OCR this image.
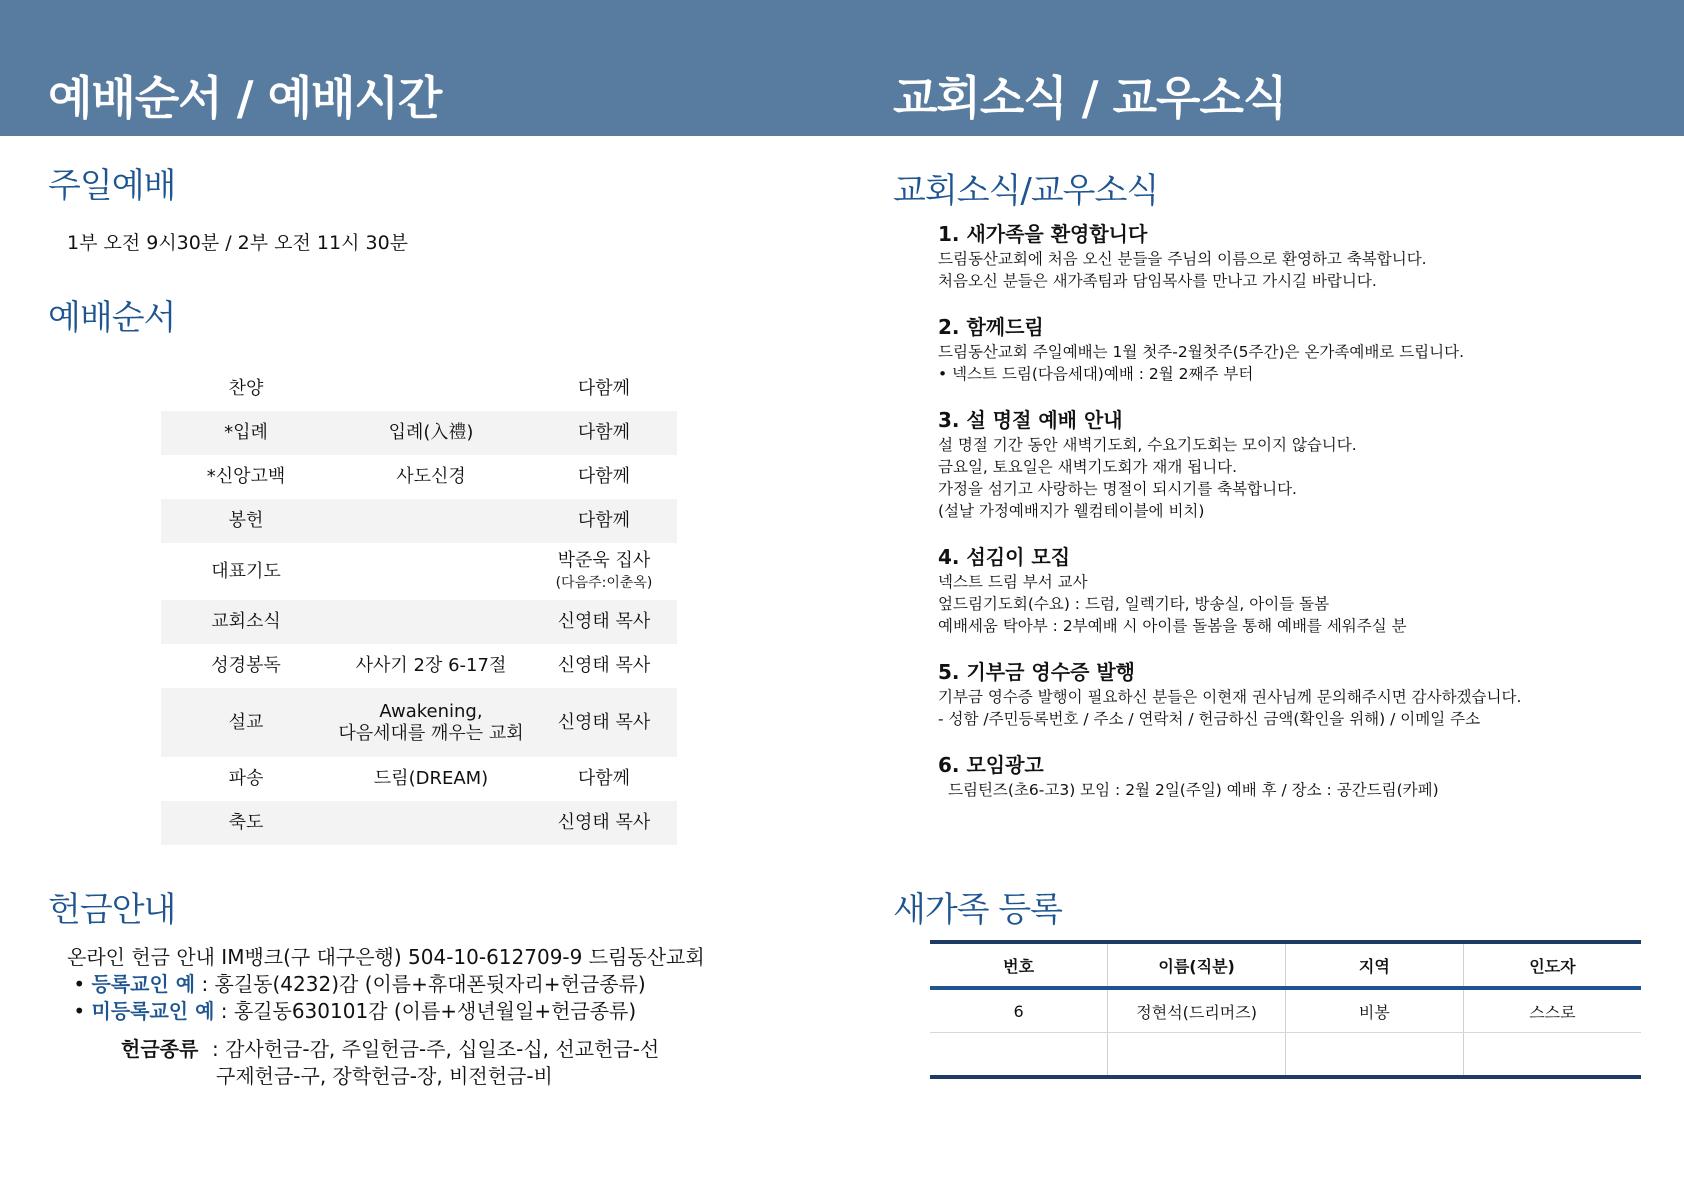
예배순서 / 예배시간	교회소식 / 교우소식
주일예배
1부 오전 9시30분 / 2부 오전 11시 30분
예배순서
찬양		다함께

*입례	입례(入禮)	다함께

*신앙고백	사도신경	다함께

봉헌		다함께

대표기도		박준욱 집사
(다음주:이춘옥)

교회소식		신영태 목사

성경봉독	사사기 2장 6-17절	신영태 목사

설교	Awakening,
다음세대를 깨우는 교회	신영태 목사

파송	드림(DREAM)	다함께

축도		신영태 목사
헌금안내
온라인 헌금 안내 IM뱅크(구 대구은행) 504-10-612709-9 드림동산교회
• 등록교인 예 : 홍길동(4232)감 (이름+휴대폰뒷자리+헌금종류)
• 미등록교인 예 : 홍길동630101감 (이름+생년월일+헌금종류)
헌금종류 : 감사헌금-감, 주일헌금-주, 십일조-십, 선교헌금-선
구제헌금-구, 장학헌금-장, 비전헌금-비
교회소식/교우소식
1. 새가족을 환영합니다
드림동산교회에 처음 오신 분들을 주님의 이름으로 환영하고 축복합니다.
처음오신 분들은 새가족팀과 담임목사를 만나고 가시길 바랍니다.
2. 함께드림
드림동산교회 주일예배는 1월 첫주-2월첫주(5주간)은 온가족예배로 드립니다.
• 넥스트 드림(다음세대)예배 : 2월 2째주 부터
3. 설 명절 예배 안내
설 명절 기간 동안 새벽기도회, 수요기도회는 모이지 않습니다.
금요일, 토요일은 새벽기도회가 재개 됩니다.
가정을 섬기고 사랑하는 명절이 되시기를 축복합니다.
(설날 가정예배지가 웰컴테이블에 비치)
4. 섬김이 모집
넥스트 드림 부서 교사
엎드림기도회(수요) : 드럼, 일렉기타, 방송실, 아이들 돌봄
예배세움 탁아부 : 2부예배 시 아이를 돌봄을 통해 예배를 세워주실 분
5. 기부금 영수증 발행
기부금 영수증 발행이 필요하신 분들은 이현재 권사님께 문의해주시면 감사하겠습니다.
- 성함 /주민등록번호 / 주소 / 연락처 / 헌금하신 금액(확인을 위해) / 이메일 주소
6. 모임광고
드림틴즈(초6-고3) 모임 : 2월 2일(주일) 예배 후 / 장소 : 공간드림(카페)
새가족 등록
번호	이름(직분)	지역	인도자
6	정현석(드리머즈)	비봉	스스로
